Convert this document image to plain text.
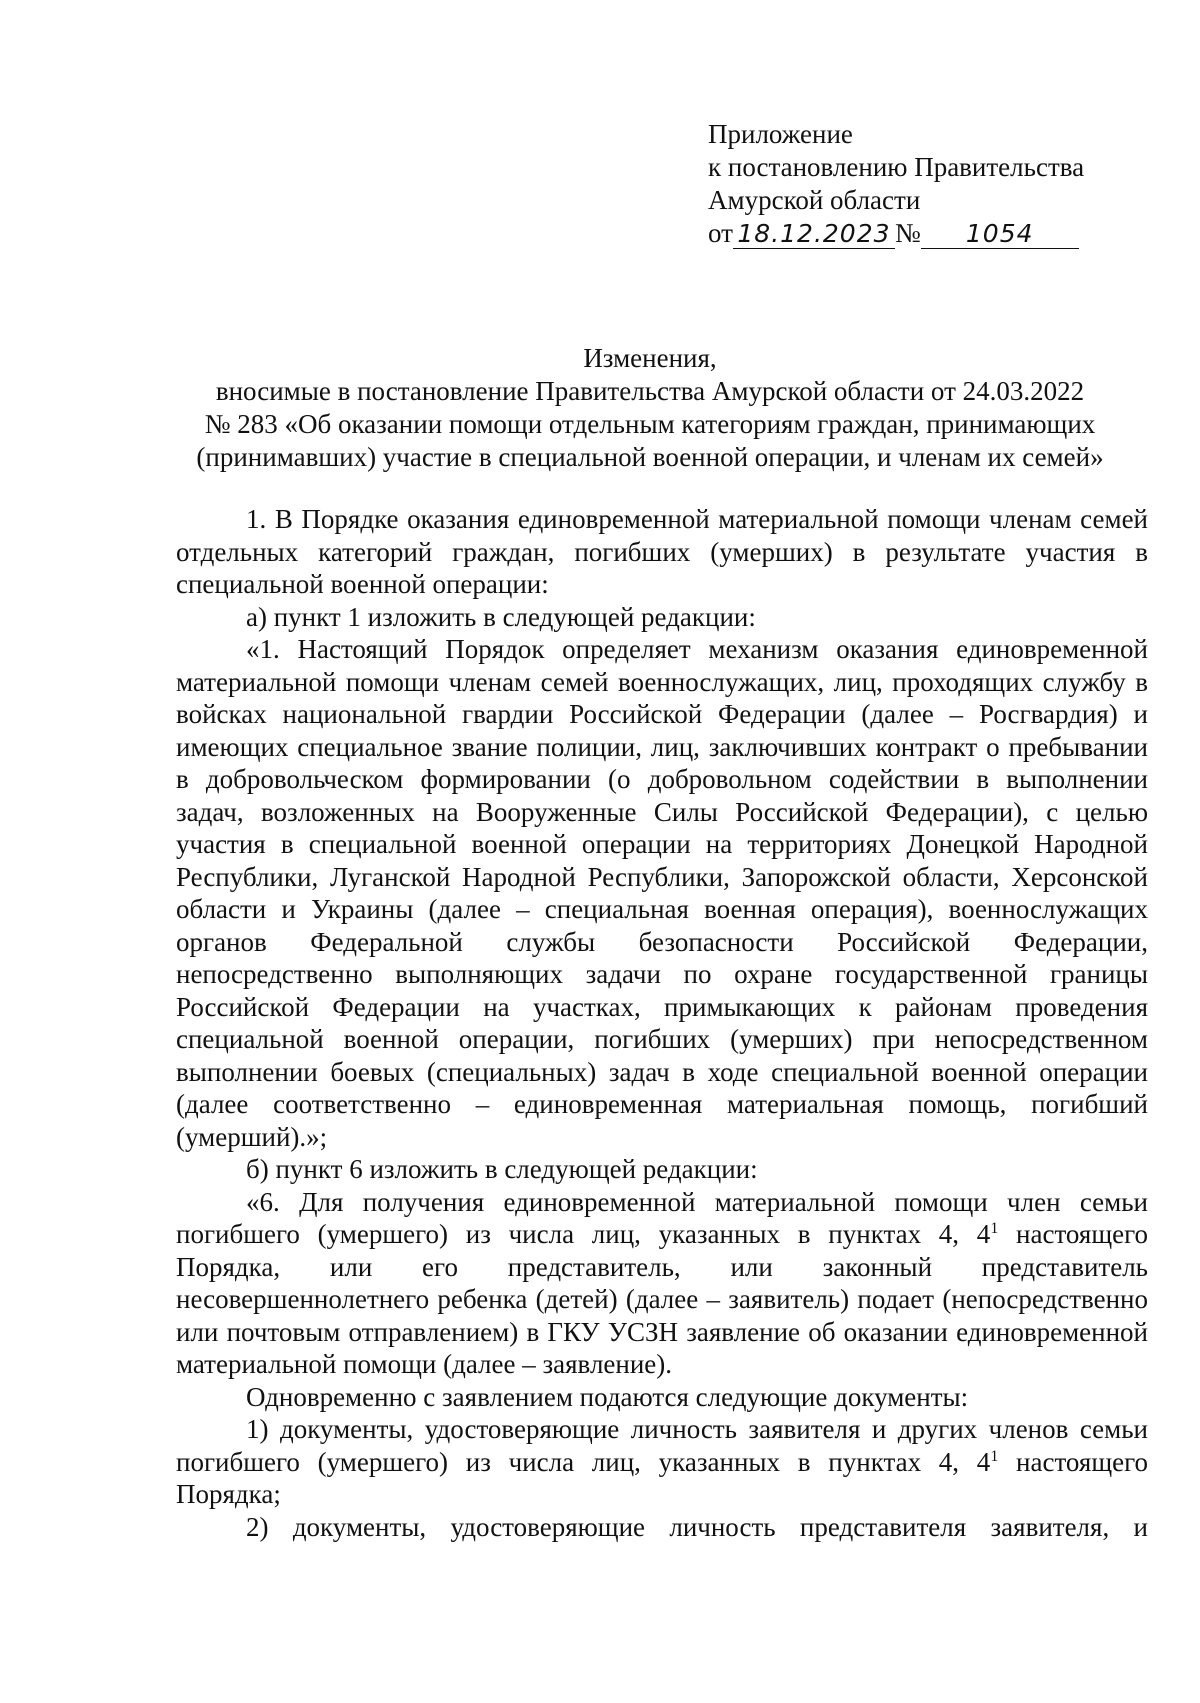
Приложение
к постановлению Правительства
Амурской области
от 18.12.2023 № 1054
Изменения,
вносимые в постановление Правительства Амурской области от 24.03.2022
№ 283 «Об оказании помощи отдельным категориям граждан, принимающих
(принимавших) участие в специальной военной операции, и членам их семей»

1. В Порядке оказания единовременной материальной помощи членам семей отдельных категорий граждан, погибших (умерших) в результате участия в специальной военной операции:

а) пункт 1 изложить в следующей редакции:

«1. Настоящий Порядок определяет механизм оказания единовременной материальной помощи членам семей военнослужащих, лиц, проходящих службу в войсках национальной гвардии Российской Федерации (далее – Росгвардия) и имеющих специальное звание полиции, лиц, заключивших контракт о пребывании в добровольческом формировании (о добровольном содействии в выполнении задач, возложенных на Вооруженные Силы Российской Федерации), с целью участия в специальной военной операции на территориях Донецкой Народной Республики, Луганской Народной Республики, Запорожской области, Херсонской области и Украины (далее – специальная военная операция), военнослужащих органов Федеральной службы безопасности Российской Федерации, непосредственно выполняющих задачи по охране государственной границы Российской Федерации на участках, примыкающих к районам проведения специальной военной операции, погибших (умерших) при непосредственном выполнении боевых (специальных) задач в ходе специальной военной операции (далее соответственно – единовременная материальная помощь, погибший (умерший).»;

б) пункт 6 изложить в следующей редакции:

«6. Для получения единовременной материальной помощи член семьи погибшего (умершего) из числа лиц, указанных в пунктах 4, $4^1$ настоящего Порядка, или его представитель, или законный представитель несовершеннолетнего ребенка (детей) (далее – заявитель) подает (непосредственно или почтовым отправлением) в ГКУ УСЗН заявление об оказании единовременной материальной помощи (далее – заявление).

Одновременно с заявлением подаются следующие документы:

1) документы, удостоверяющие личность заявителя и других членов семьи погибшего (умершего) из числа лиц, указанных в пунктах 4, $4^1$ настоящего Порядка;

2) документы, удостоверяющие личность представителя заявителя, и
